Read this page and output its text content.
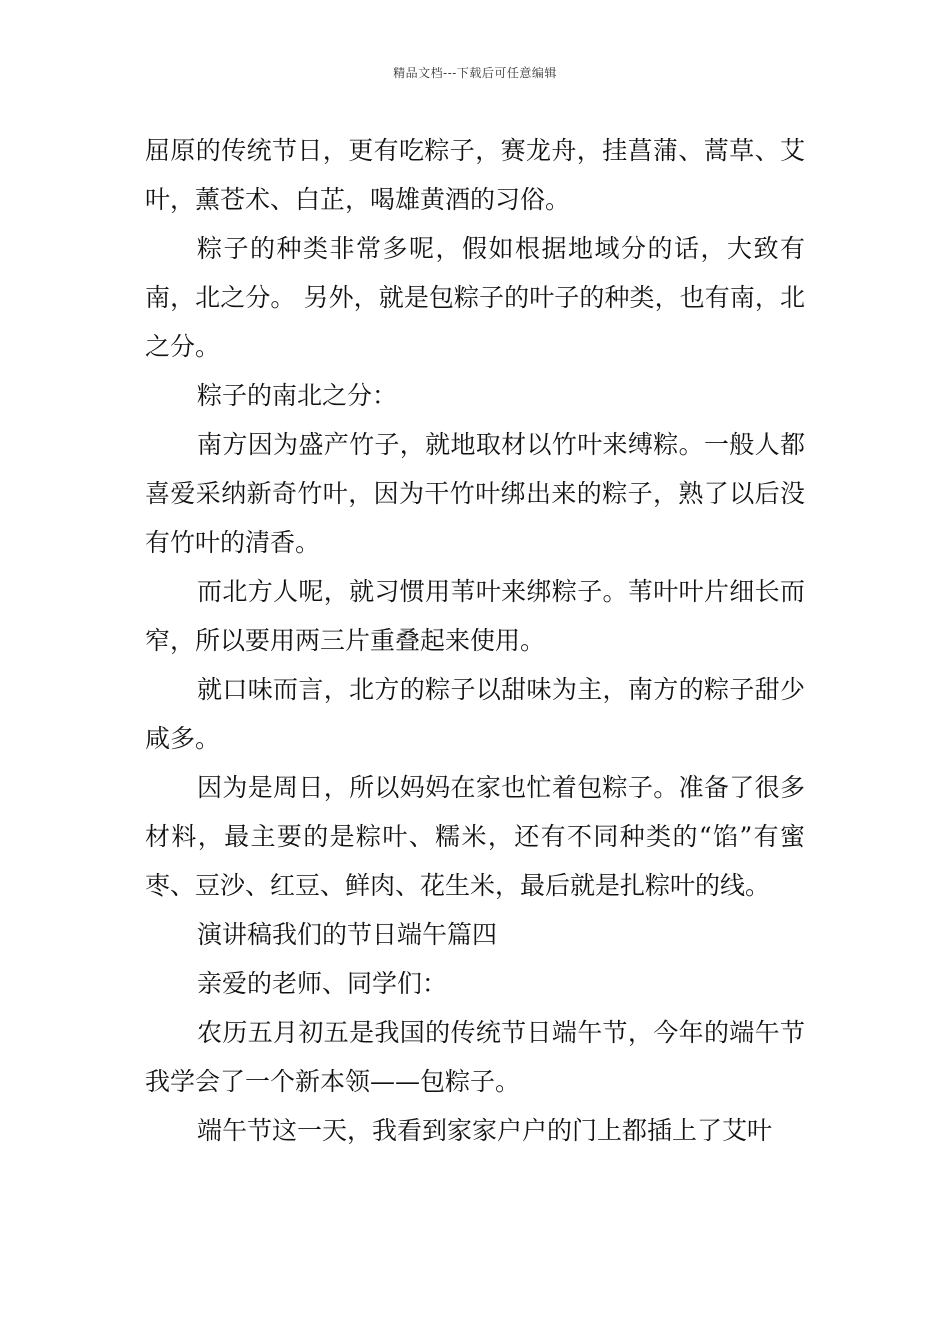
精品文档---下载后可任意编辑

屈原的传统节日，更有吃粽子，赛龙舟，挂菖蒲、蒿草、艾叶，薰苍术、白芷，喝雄黄酒的习俗。

粽子的种类非常多呢，假如根据地域分的话，大致有南，北之分。 另外，就是包粽子的叶子的种类，也有南，北之分。

粽子的南北之分：

南方因为盛产竹子，就地取材以竹叶来缚粽。一般人都喜爱采纳新奇竹叶，因为干竹叶绑出来的粽子，熟了以后没有竹叶的清香。

而北方人呢，就习惯用苇叶来绑粽子。苇叶叶片细长而窄，所以要用两三片重叠起来使用。

就口味而言，北方的粽子以甜味为主，南方的粽子甜少咸多。

因为是周日，所以妈妈在家也忙着包粽子。准备了很多材料，最主要的是粽叶、糯米，还有不同种类的“馅”有蜜枣、豆沙、红豆、鲜肉、花生米，最后就是扎粽叶的线。

演讲稿我们的节日端午篇四

亲爱的老师、同学们：

农历五月初五是我国的传统节日端午节，今年的端午节我学会了一个新本领——包粽子。

端午节这一天，我看到家家户户的门上都插上了艾叶
